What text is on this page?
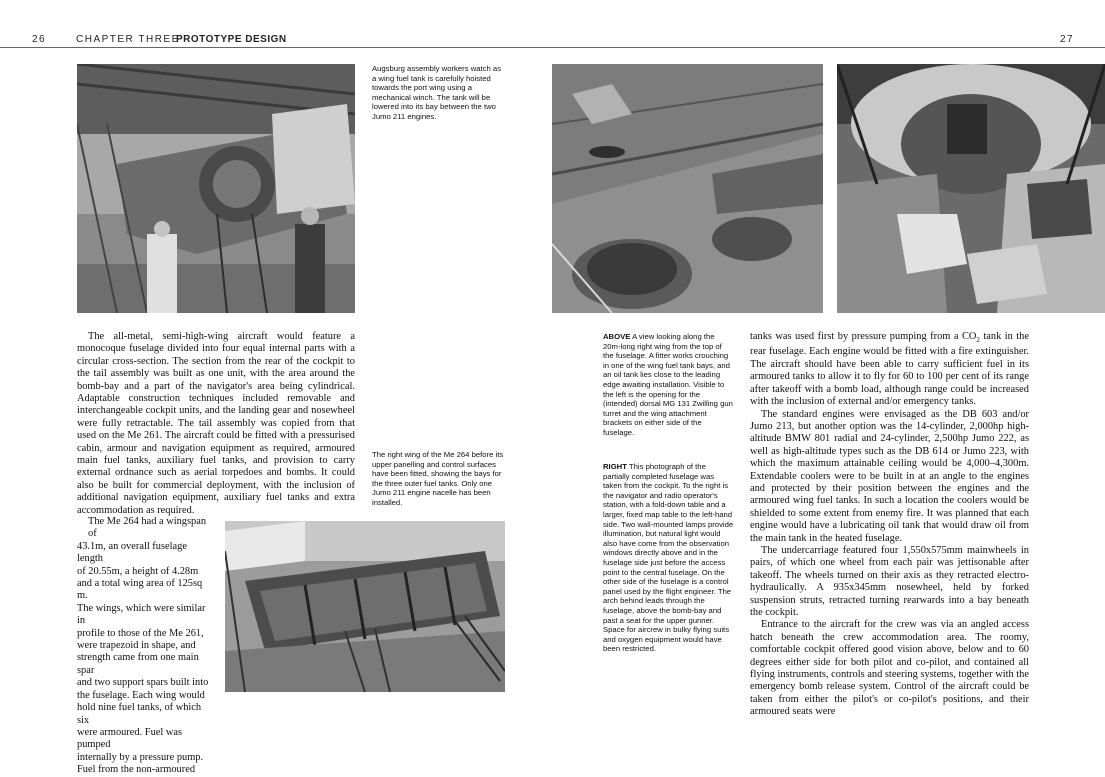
26	CHAPTER THREE
PROTOTYPE DESIGN	27
Augsburg assembly workers watch as a wing fuel tank is carefully hoisted towards the port wing using a mechanical winch. The tank will be lowered into its bay between the two Jumo 211 engines.

The all-metal, semi-high-wing aircraft would feature a monocoque fuselage divided into four equal internal parts with a circular cross-section. The section from the rear of the cockpit to the tail assembly was built as one unit, with the area around the bomb-bay and a part of the navigator's area being cylindrical. Adaptable construction techniques included removable and interchangeable cockpit units, and the landing gear and nosewheel were fully retractable. The tail assembly was copied from that used on the Me 261. The aircraft could be fitted with a pressurised cabin, armour and navigation equipment as required, armoured main fuel tanks, auxiliary fuel tanks, and provision to carry external ordnance such as aerial torpedoes and bombs. It could also be built for commercial deployment, with the inclusion of additional navigation equipment, auxiliary fuel tanks and extra accommodation as required.

The Me 264 had a wingspan of
43.1m, an overall fuselage length
of 20.55m, a height of 4.28m
and a total wing area of 125sq m.
The wings, which were similar in
profile to those of the Me 261,
were trapezoid in shape, and
strength came from one main spar
and two support spars built into
the fuselage. Each wing would
hold nine fuel tanks, of which six
were armoured. Fuel was pumped
internally by a pressure pump.
Fuel from the non-armoured
The right wing of the Me 264 before its upper panelling and control surfaces have been fitted, showing the bays for the three outer fuel tanks. Only one Jumo 211 engine nacelle has been installed.
ABOVE A view looking along the 20m-long right wing from the top of the fuselage. A fitter works crouching in one of the wing fuel tank bays, and an oil tank lies close to the leading edge awaiting installation. Visible to the left is the opening for the (intended) dorsal MG 131 Zwilling gun turret and the wing attachment brackets on either side of the fuselage.
RIGHT This photograph of the partially completed fuselage was taken from the cockpit. To the right is the navigator and radio operator's station, with a fold-down table and a larger, fixed map table to the left-hand side. Two wall-mounted lamps provide illumination, but natural light would also have come from the observation windows directly above and in the fuselage side just before the access point to the central fuselage. On the other side of the fuselage is a control panel used by the flight engineer. The arch behind leads through the fuselage, above the bomb-bay and past a seat for the upper gunner. Space for aircrew in bulky flying suits and oxygen equipment would have been restricted.

tanks was used first by pressure pumping from a $CO_2$ tank in the rear fuselage. Each engine would be fitted with a fire extinguisher. The aircraft should have been able to carry sufficient fuel in its armoured tanks to allow it to fly for 60 to 100 per cent of its range after takeoff with a bomb load, although range could be increased with the inclusion of external and/or emergency tanks.

The standard engines were envisaged as the DB 603 and/or Jumo 213, but another option was the 14-cylinder, 2,000hp high-altitude BMW 801 radial and 24-cylinder, 2,500hp Jumo 222, as well as high-altitude types such as the DB 614 or Jumo 223, with which the maximum attainable ceiling would be 4,000–4,300m. Extendable coolers were to be built in at an angle to the engines and protected by their position between the engines and the armoured wing fuel tanks. In such a location the coolers would be shielded to some extent from enemy fire. It was planned that each engine would have a lubricating oil tank that would draw oil from the main tank in the heated fuselage.

The undercarriage featured four 1,550x575mm mainwheels in pairs, of which one wheel from each pair was jettisonable after takeoff. The wheels turned on their axis as they retracted electro-hydraulically. A 935x345mm nosewheel, held by forked suspension struts, retracted turning rearwards into a bay beneath the cockpit.

Entrance to the aircraft for the crew was via an angled access hatch beneath the crew accommodation area. The roomy, comfortable cockpit offered good vision above, below and to 60 degrees either side for both pilot and co-pilot, and contained all flying instruments, controls and steering systems, together with the emergency bomb release system. Control of the aircraft could be taken from either the pilot's or co-pilot's positions, and their armoured seats were
